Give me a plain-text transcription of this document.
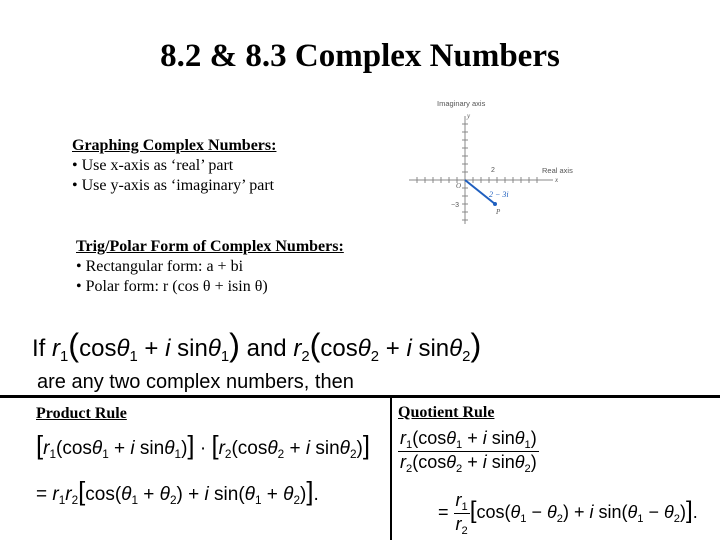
8.2 & 8.3 Complex Numbers
Graphing Complex Numbers:
• Use x-axis as ‘real’ part
• Use y-axis as ‘imaginary’ part
Imaginary axis
y
2
−3
Real axis
x
O
2 − 3i
P
Trig/Polar Form of Complex Numbers:
• Rectangular form: a + bi
• Polar form: r (cos θ + isin θ)
If $r_1(\cos\theta_1 + i$ sinθ$_1$) and $r_2(\cos\theta_2 + i$ sinθ$_2$)
are any two complex numbers, then
Product Rule
[$r_1(\cos\theta_1 + i$ $\sin\theta_1)] \cdot [r_2(\cos\theta_2 + i$ sinθ$_2$)]
= $r_1r_2[\cos(\theta_1 + \theta_2) + i$ $\sin(\theta_1 + \theta_2)$].
Quotient Rule
$\frac{r_1(\cos\theta_1 + i \sin\theta_1)}{r_2(\cos\theta_2 + i \sin\theta_2)}$
= $\frac{r_1}{r_2} [\cos(\theta_1 - \theta_2) + i$ $\sin(\theta_1 - \theta_2)$].
